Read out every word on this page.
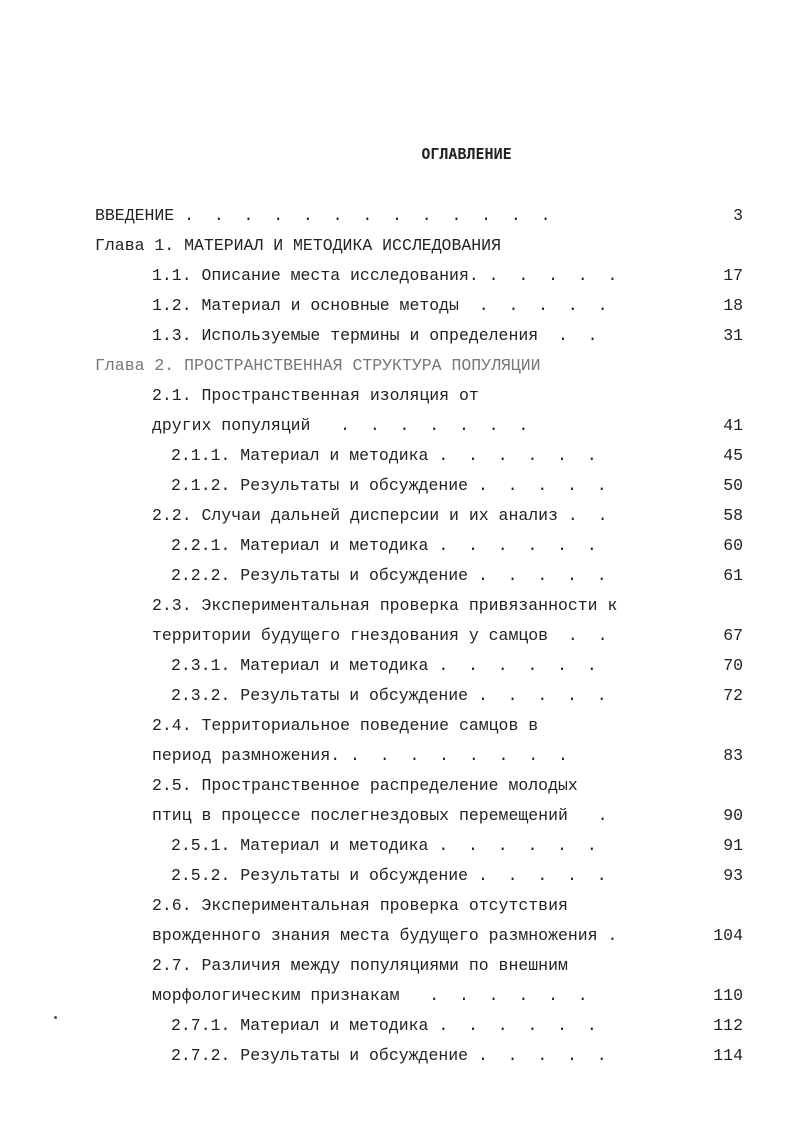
ОГЛАВЛЕНИЕ
ВВЕДЕНИЕ .  .  .  .  .  .  .  .  .  .  .  .  .	3
Глава 1. МАТЕРИАЛ И МЕТОДИКА ИССЛЕДОВАНИЯ
1.1. Описание места исследования. .  .  .  .  .	17
1.2. Материал и основные методы  .  .  .  .  .	18
1.3. Используемые термины и определения  .  .	31
Глава 2. ПРОСТРАНСТВЕННАЯ СТРУКТУРА ПОПУЛЯЦИИ
2.1. Пространственная изоляция от
других популяций   .  .  .  .  .  .  .	41
2.1.1. Материал и методика .  .  .  .  .  .	45
2.1.2. Результаты и обсуждение .  .  .  .  .	50
2.2. Случаи дальней дисперсии и их анализ .  .	58
2.2.1. Материал и методика .  .  .  .  .  .	60
2.2.2. Результаты и обсуждение .  .  .  .  .	61
2.3. Экспериментальная проверка привязанности к
территории будущего гнездования у самцов  .  .	67
2.3.1. Материал и методика .  .  .  .  .  .	70
2.3.2. Результаты и обсуждение .  .  .  .  .	72
2.4. Территориальное поведение самцов в
период размножения. .  .  .  .  .  .  .  .	83
2.5. Пространственное распределение молодых
птиц в процессе послегнездовых перемещений   .	90
2.5.1. Материал и методика .  .  .  .  .  .	91
2.5.2. Результаты и обсуждение .  .  .  .  .	93
2.6. Экспериментальная проверка отсутствия
врожденного знания места будущего размножения .	104
2.7. Различия между популяциями по внешним
морфологическим признакам   .  .  .  .  .  .	110
2.7.1. Материал и методика .  .  .  .  .  .	112
2.7.2. Результаты и обсуждение .  .  .  .  .	114
